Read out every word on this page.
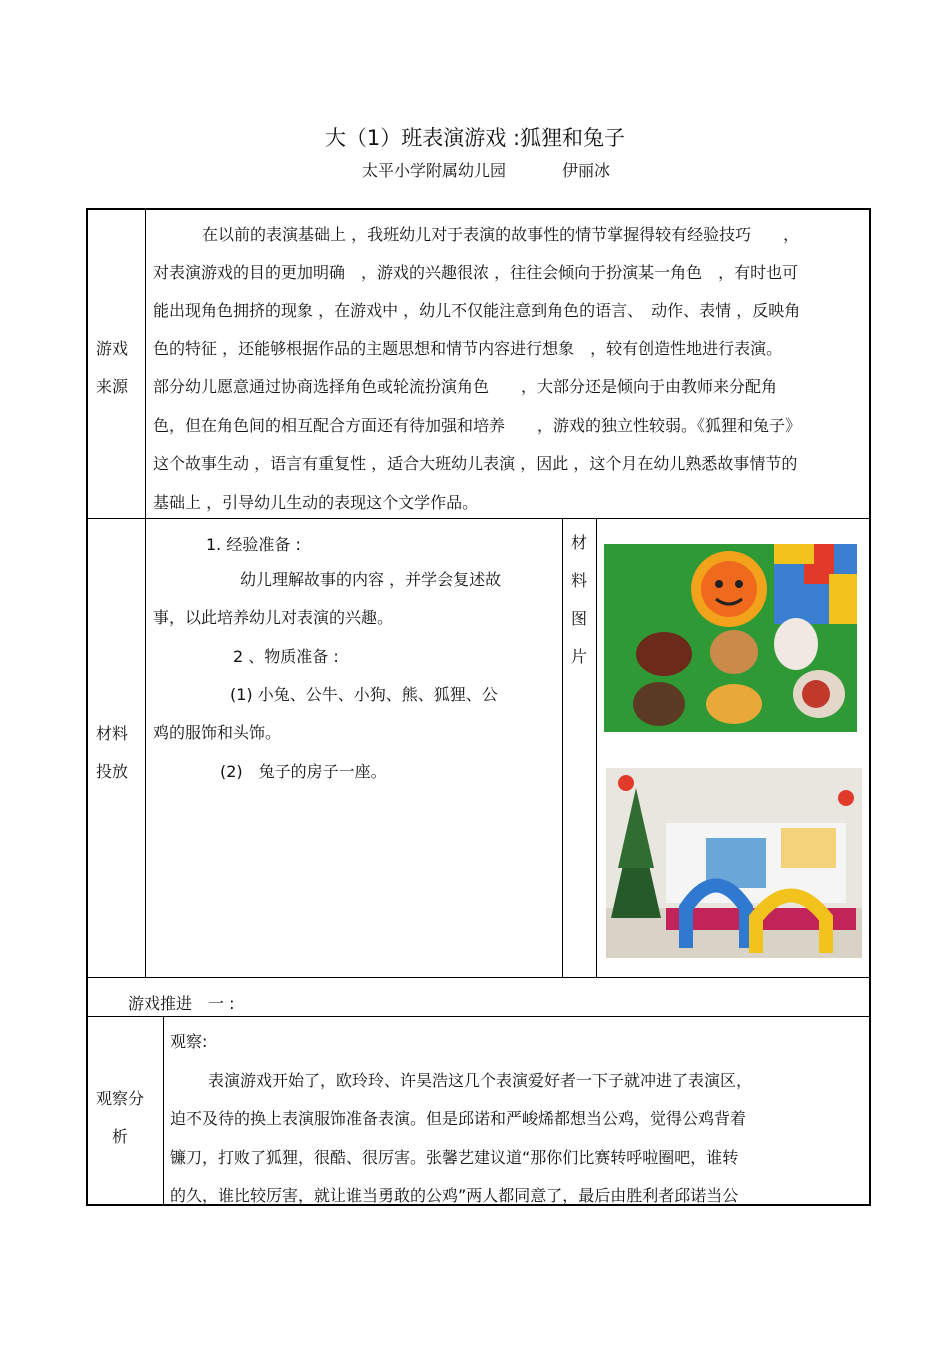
大（1）班表演游戏 :狐狸和兔子
太平小学附属幼儿园	伊丽冰
游戏
来源
在以前的表演基础上 ，我班幼儿对于表演的故事性的情节掌握得较有经验技巧　　，
对表演游戏的目的更加明确　，游戏的兴趣很浓 ，往往会倾向于扮演某一角色　，有时也可
能出现角色拥挤的现象 ，在游戏中 ，幼儿不仅能注意到角色的语言、　动作、表情 ，反映角
色的特征 ，还能够根据作品的主题思想和情节内容进行想象　，较有创造性地进行表演。
部分幼儿愿意通过协商选择角色或轮流扮演角色　　，大部分还是倾向于由教师来分配角
色，但在角色间的相互配合方面还有待加强和培养　　，游戏的独立性较弱。《狐狸和兔子》
这个故事生动 ，语言有重复性 ，适合大班幼儿表演 ，因此 ，这个月在幼儿熟悉故事情节的
基础上 ，引导幼儿生动的表现这个文学作品。
材料
投放
1. 经验准备 :
幼儿理解故事的内容 ，并学会复述故
事，以此培养幼儿对表演的兴趣。
2 、物质准备 :
(1) 小兔、公牛、小狗、熊、狐狸、公
鸡的服饰和头饰。
(2)　兔子的房子一座。
材
料
图
片
游戏推进　一 :
观察分
析
观察:
表演游戏开始了，欧玲玲、许昊浩这几个表演爱好者一下子就冲进了表演区，
迫不及待的换上表演服饰准备表演。但是邱诺和严峻烯都想当公鸡，觉得公鸡背着
镰刀，打败了狐狸，很酷、很厉害。张馨艺建议道“那你们比赛转呼啦圈吧，谁转
的久，谁比较厉害，就让谁当勇敢的公鸡”两人都同意了，最后由胜利者邱诺当公
